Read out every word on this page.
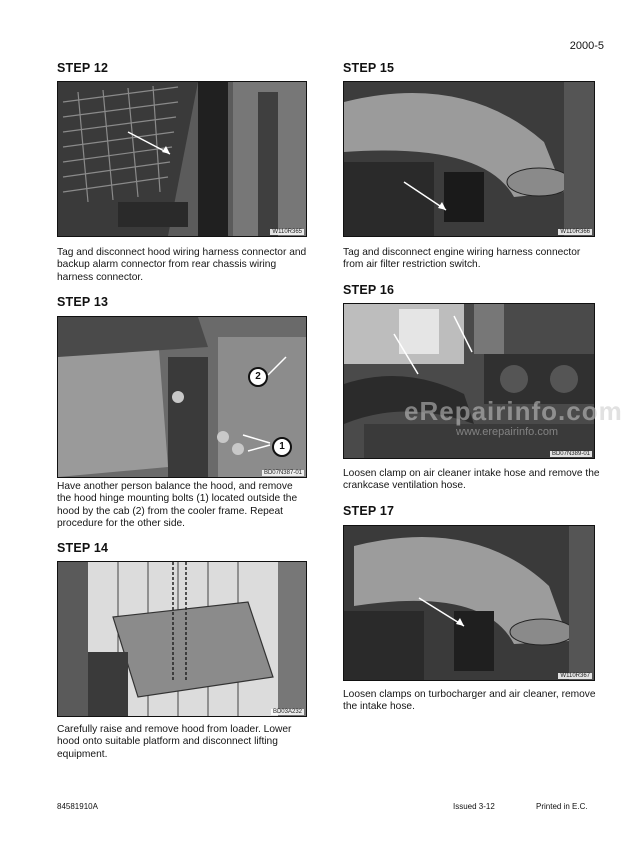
2000-5
STEP 12
W110R365
Tag and disconnect hood wiring harness connector and backup alarm connector from rear chassis wiring harness connector.
STEP 13
1
2
BD07N387-01
Have another person balance the hood, and remove the hood hinge mounting bolts (1) located outside the hood by the cab (2) from the cooler frame. Repeat procedure for the other side.
STEP 14
BD03A232
Carefully raise and remove hood from loader. Lower hood onto suitable platform and disconnect lifting equipment.
STEP 15
W110R366
Tag and disconnect engine wiring harness connector from air filter restriction switch.
STEP 16
eRepairinfo.com
www.erepairinfo.com
BD07N389-01
Loosen clamp on air cleaner intake hose and remove the crankcase ventilation hose.
STEP 17
W110R367
Loosen clamps on turbocharger and air cleaner, remove the intake hose.
84581910A	Issued 3-12	Printed in E.C.
